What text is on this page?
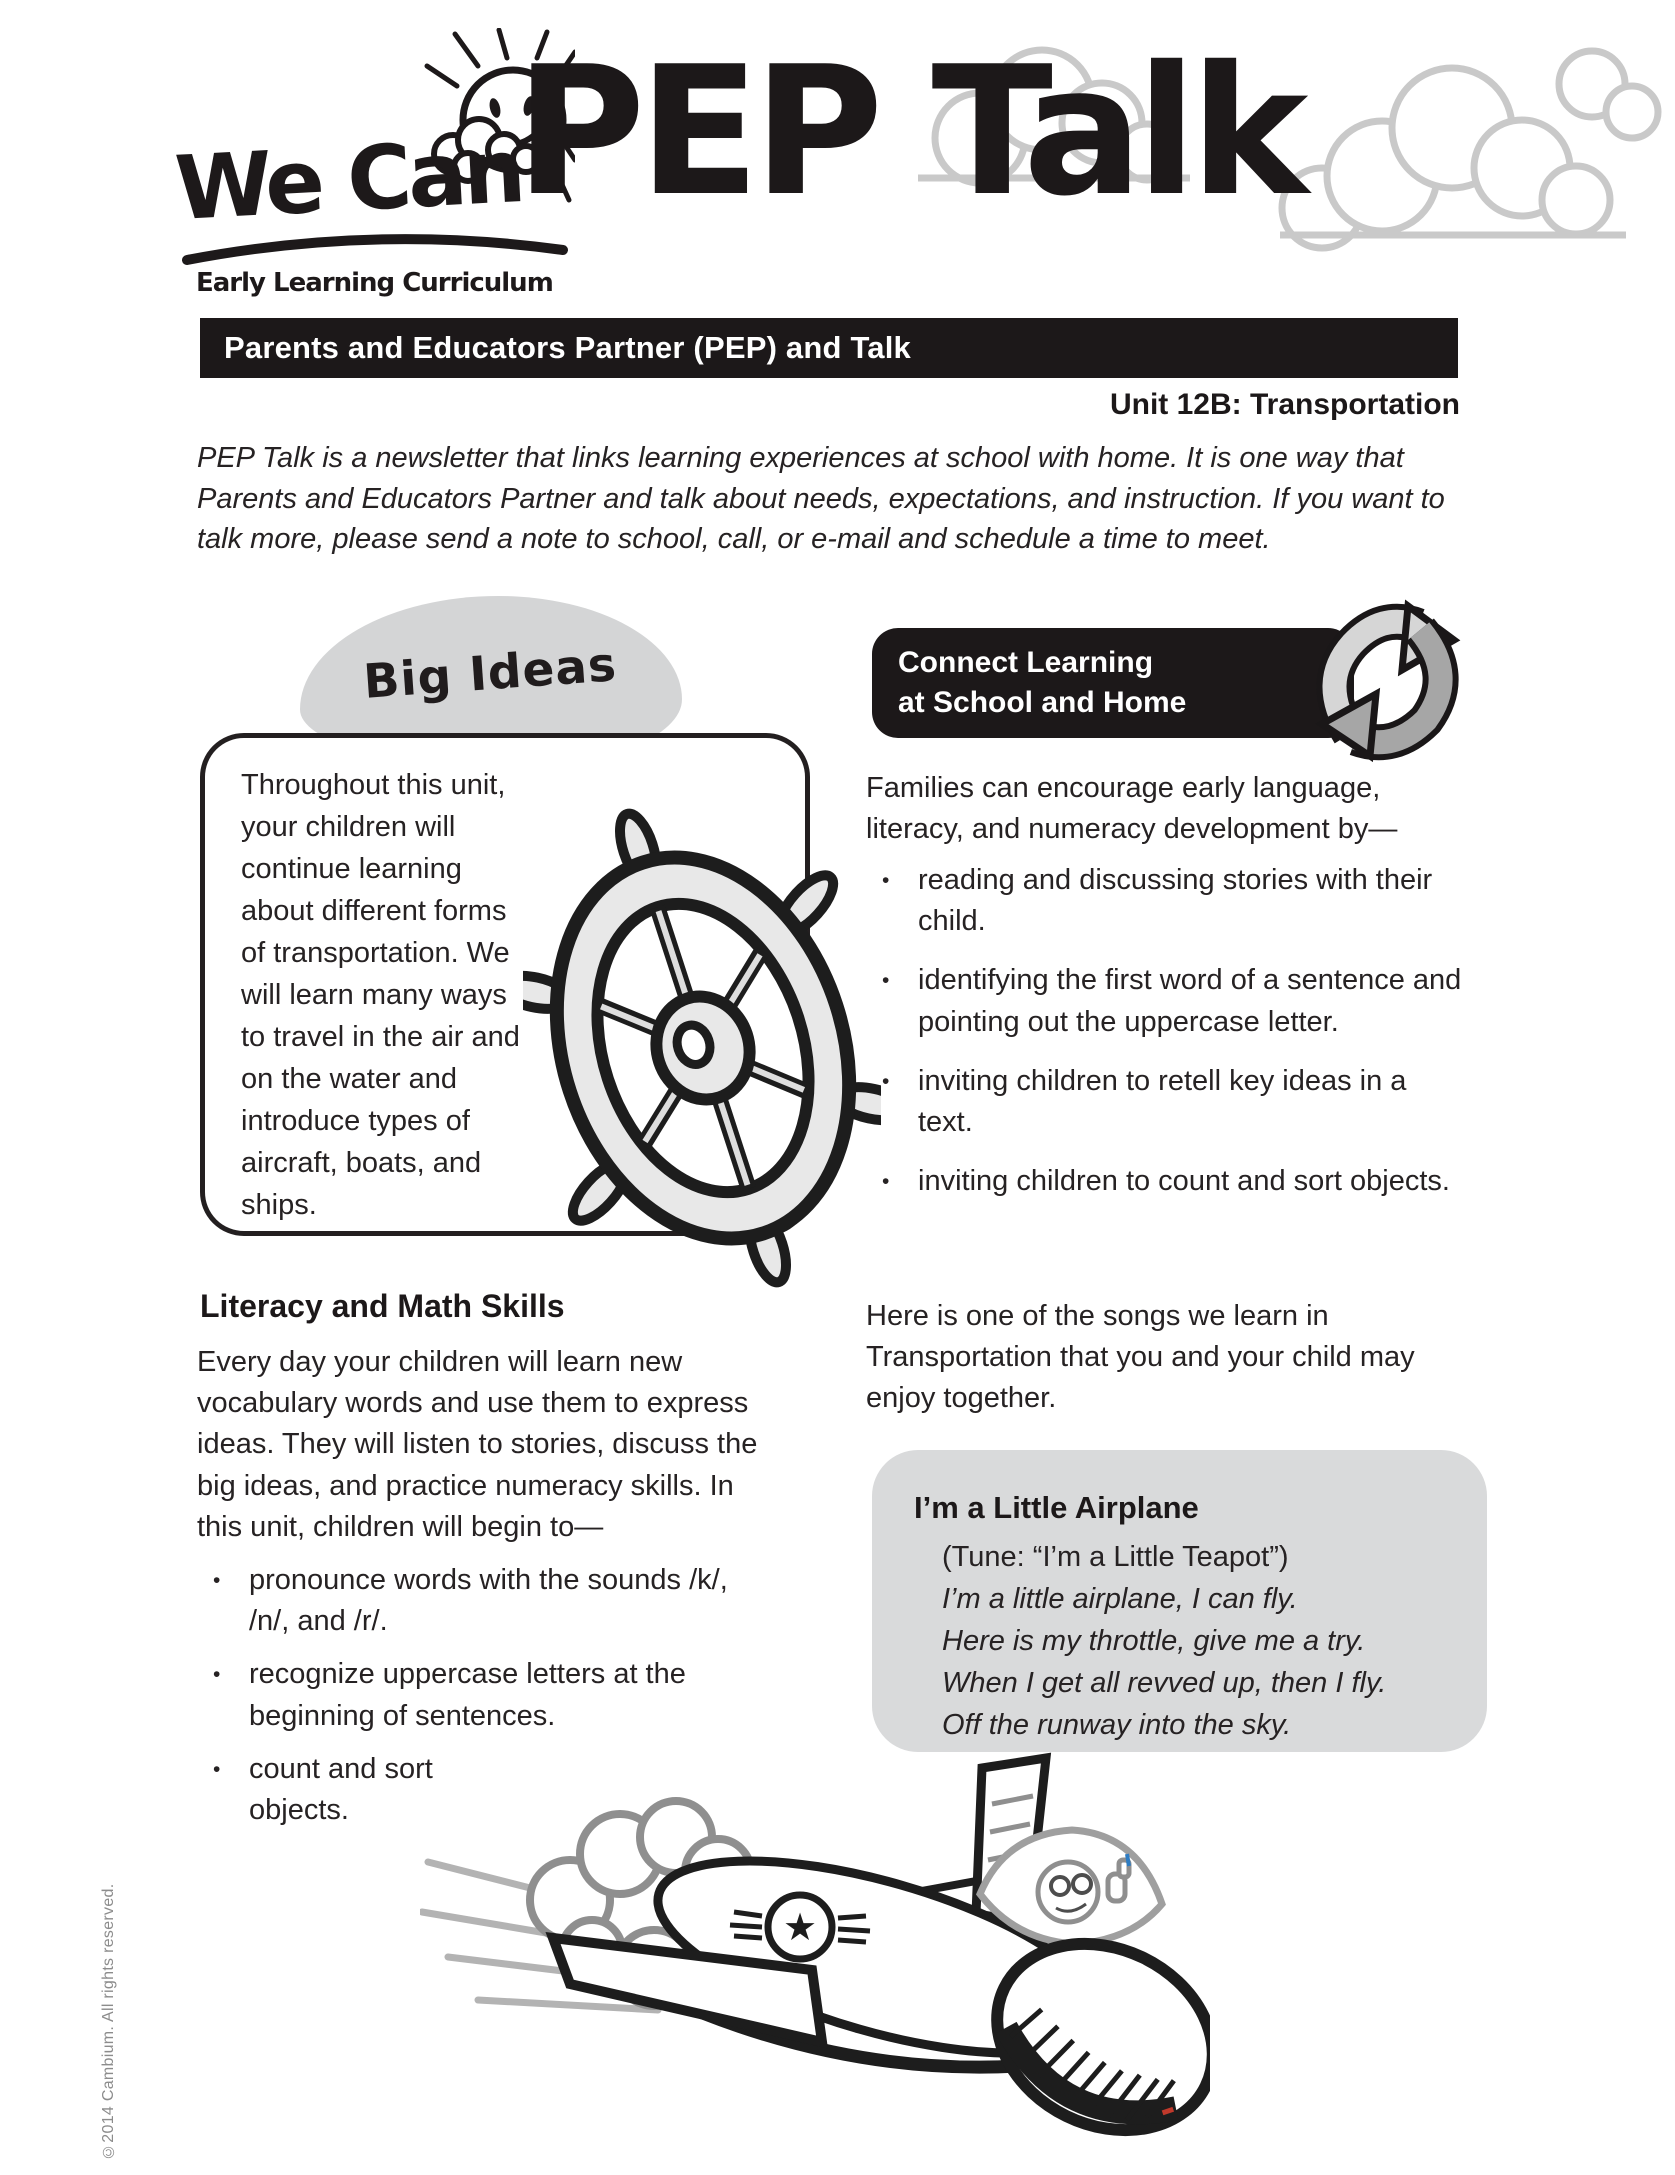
We Can
Early Learning Curriculum
PEP Talk
Parents and Educators Partner (PEP) and Talk
Unit 12B: Transportation
PEP Talk is a newsletter that links learning experiences at school with home. It is one way that Parents and Educators Partner and talk about needs, expectations, and instruction. If you want to talk more, please send a note to school, call, or e-mail and schedule a time to meet.
Big Ideas
Throughout this unit, your children will continue learning about different forms of transportation. We will learn many ways to travel in the air and on the water and introduce types of aircraft, boats, and ships.
Literacy and Math Skills
Every day your children will learn new vocabulary words and use them to express ideas. They will listen to stories, discuss the big ideas, and practice numeracy skills. In this unit, children will begin to—
• pronounce words with the sounds /k/, /n/, and /r/.
• recognize uppercase letters at the beginning of sentences.
• count and sort objects.
©2014 Cambium. All rights reserved.
Connect Learning
at School and Home
Families can encourage early language, literacy, and numeracy development by—
• reading and discussing stories with their child.
• identifying the first word of a sentence and pointing out the uppercase letter.
• inviting children to retell key ideas in a text.
• inviting children to count and sort objects.
Here is one of the songs we learn in Transportation that you and your child may enjoy together.
I’m a Little Airplane
(Tune: “I’m a Little Teapot”)
I’m a little airplane, I can fly.
Here is my throttle, give me a try.
When I get all revved up, then I fly.
Off the runway into the sky.
★
